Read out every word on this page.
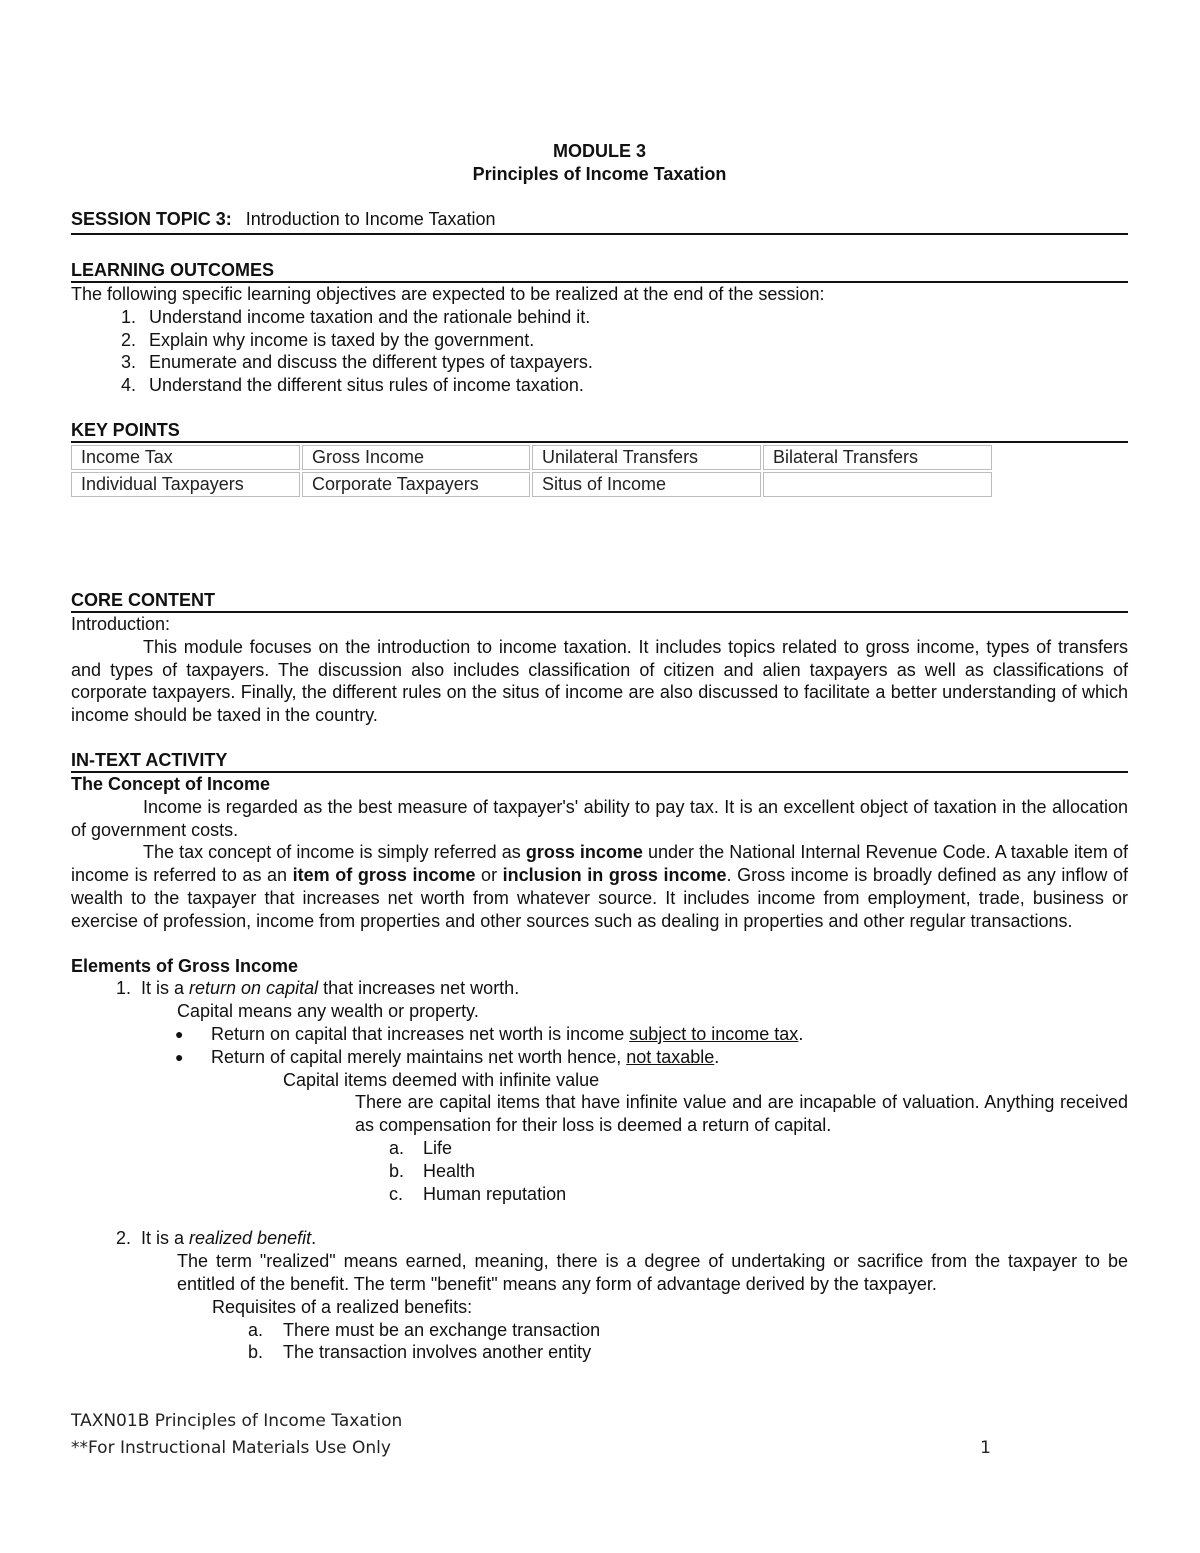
MODULE 3
Principles of Income Taxation
SESSION TOPIC 3: Introduction to Income Taxation
LEARNING OUTCOMES
The following specific learning objectives are expected to be realized at the end of the session:
1. Understand income taxation and the rationale behind it.
2. Explain why income is taxed by the government.
3. Enumerate and discuss the different types of taxpayers.
4. Understand the different situs rules of income taxation.
KEY POINTS
Income Tax	Gross Income	Unilateral Transfers	Bilateral Transfers
Individual Taxpayers	Corporate Taxpayers	Situs of Income	
CORE CONTENT
Introduction:
This module focuses on the introduction to income taxation. It includes topics related to gross income, types of transfers and types of taxpayers. The discussion also includes classification of citizen and alien taxpayers as well as classifications of corporate taxpayers. Finally, the different rules on the situs of income are also discussed to facilitate a better understanding of which income should be taxed in the country.
IN-TEXT ACTIVITY
The Concept of Income
Income is regarded as the best measure of taxpayer's' ability to pay tax. It is an excellent object of taxation in the allocation of government costs.
The tax concept of income is simply referred as gross income under the National Internal Revenue Code. A taxable item of income is referred to as an item of gross income or inclusion in gross income. Gross income is broadly defined as any inflow of wealth to the taxpayer that increases net worth from whatever source. It includes income from employment, trade, business or exercise of profession, income from properties and other sources such as dealing in properties and other regular transactions.
Elements of Gross Income
1. It is a return on capital that increases net worth.
Capital means any wealth or property.
●	Return on capital that increases net worth is income subject to income tax.
●	Return of capital merely maintains net worth hence, not taxable.
Capital items deemed with infinite value
There are capital items that have infinite value and are incapable of valuation. Anything received as compensation for their loss is deemed a return of capital.
a.	Life
b.	Health
c.	Human reputation
2. It is a realized benefit.
The term "realized" means earned, meaning, there is a degree of undertaking or sacrifice from the taxpayer to be entitled of the benefit. The term "benefit" means any form of advantage derived by the taxpayer.
Requisites of a realized benefits:
a.	There must be an exchange transaction
b.	The transaction involves another entity
TAXN01B Principles of Income Taxation
**For Instructional Materials Use Only	1
